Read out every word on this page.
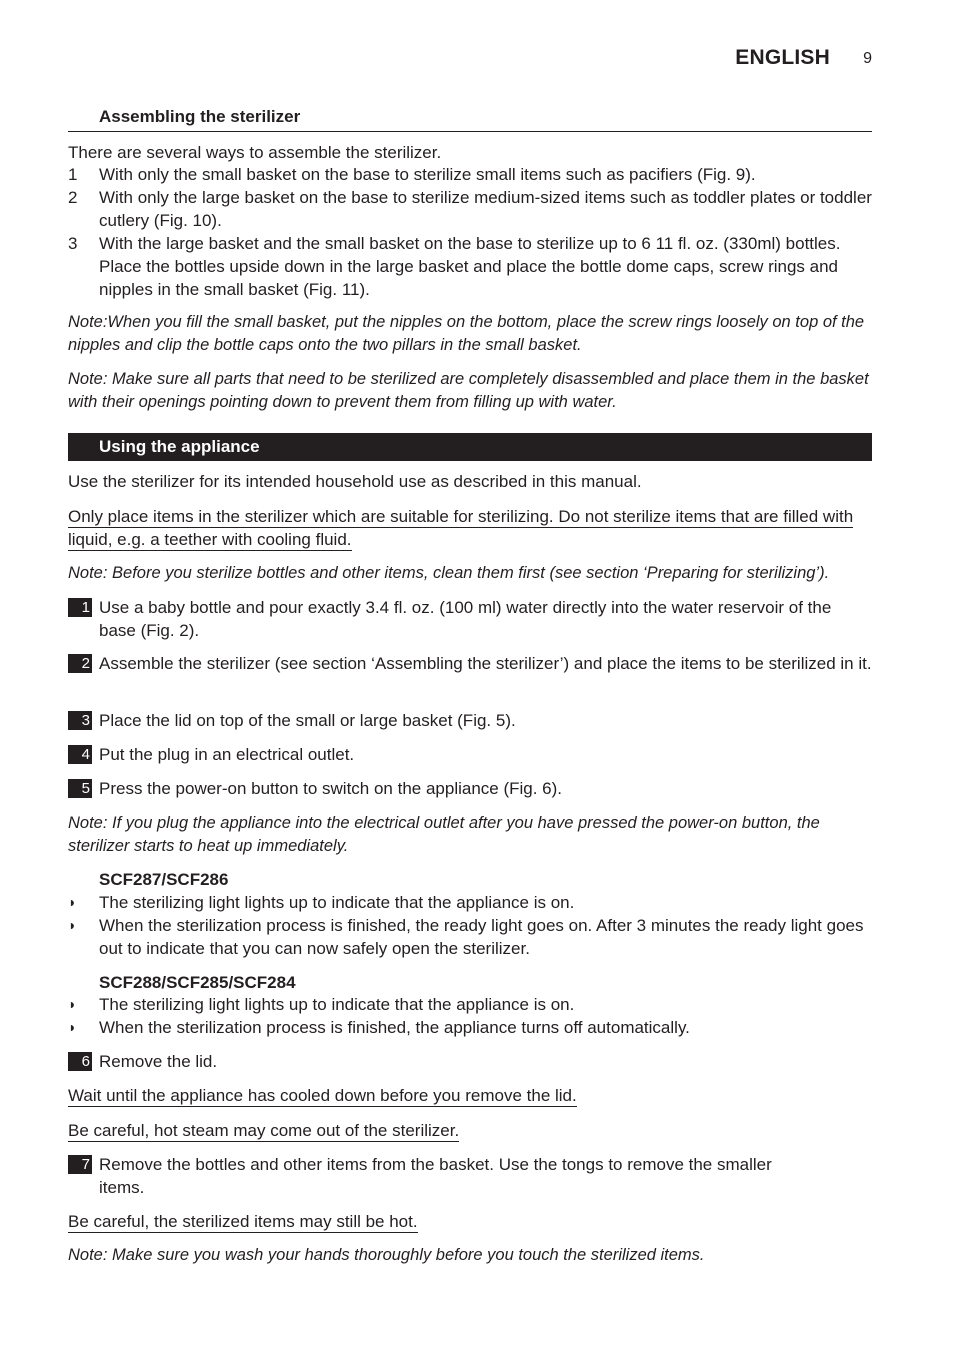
ENGLISH 9
Assembling the sterilizer
There are several ways to assemble the sterilizer.
1	With only the small basket on the base to sterilize small items such as pacifiers (Fig. 9).
2	With only the large basket on the base to sterilize medium-sized items such as toddler plates or toddler cutlery (Fig. 10).
3	With the large basket and the small basket on the base to sterilize up to 6 11 fl. oz. (330ml) bottles. Place the bottles upside down in the large basket and place the bottle dome caps, screw rings and nipples in the small basket (Fig. 11).
Note:When you fill the small basket, put the nipples on the bottom, place the screw rings loosely on top of the nipples and clip the bottle caps onto the two pillars in the small basket.
Note: Make sure all parts that need to be sterilized are completely disassembled and place them in the basket with their openings pointing down to prevent them from filling up with water.
Using the appliance
Use the sterilizer for its intended household use as described in this manual.
Only place items in the sterilizer which are suitable for sterilizing. Do not sterilize items that are filled with liquid, e.g. a teether with cooling fluid.
Note: Before you sterilize bottles and other items, clean them first (see section ‘Preparing for sterilizing’).
1 Use a baby bottle and pour exactly 3.4 fl. oz. (100 ml) water directly into the water reservoir of the base (Fig. 2).
2 Assemble the sterilizer (see section ‘Assembling the sterilizer’) and place the items to be sterilized in it.
3 Place the lid on top of the small or large basket (Fig. 5).
4 Put the plug in an electrical outlet.
5 Press the power-on button to switch on the appliance (Fig. 6).
Note: If you plug the appliance into the electrical outlet after you have pressed the power-on button, the sterilizer starts to heat up immediately.
SCF287/SCF286
◗	The sterilizing light lights up to indicate that the appliance is on.
◗	When the sterilization process is finished, the ready light goes on. After 3 minutes the ready light goes out to indicate that you can now safely open the sterilizer.
SCF288/SCF285/SCF284
◗	The sterilizing light lights up to indicate that the appliance is on.
◗	When the sterilization process is finished, the appliance turns off automatically.
6 Remove the lid.
Wait until the appliance has cooled down before you remove the lid.
Be careful, hot steam may come out of the sterilizer.
7 Remove the bottles and other items from the basket. Use the tongs to remove the smaller items.
Be careful, the sterilized items may still be hot.
Note: Make sure you wash your hands thoroughly before you touch the sterilized items.
